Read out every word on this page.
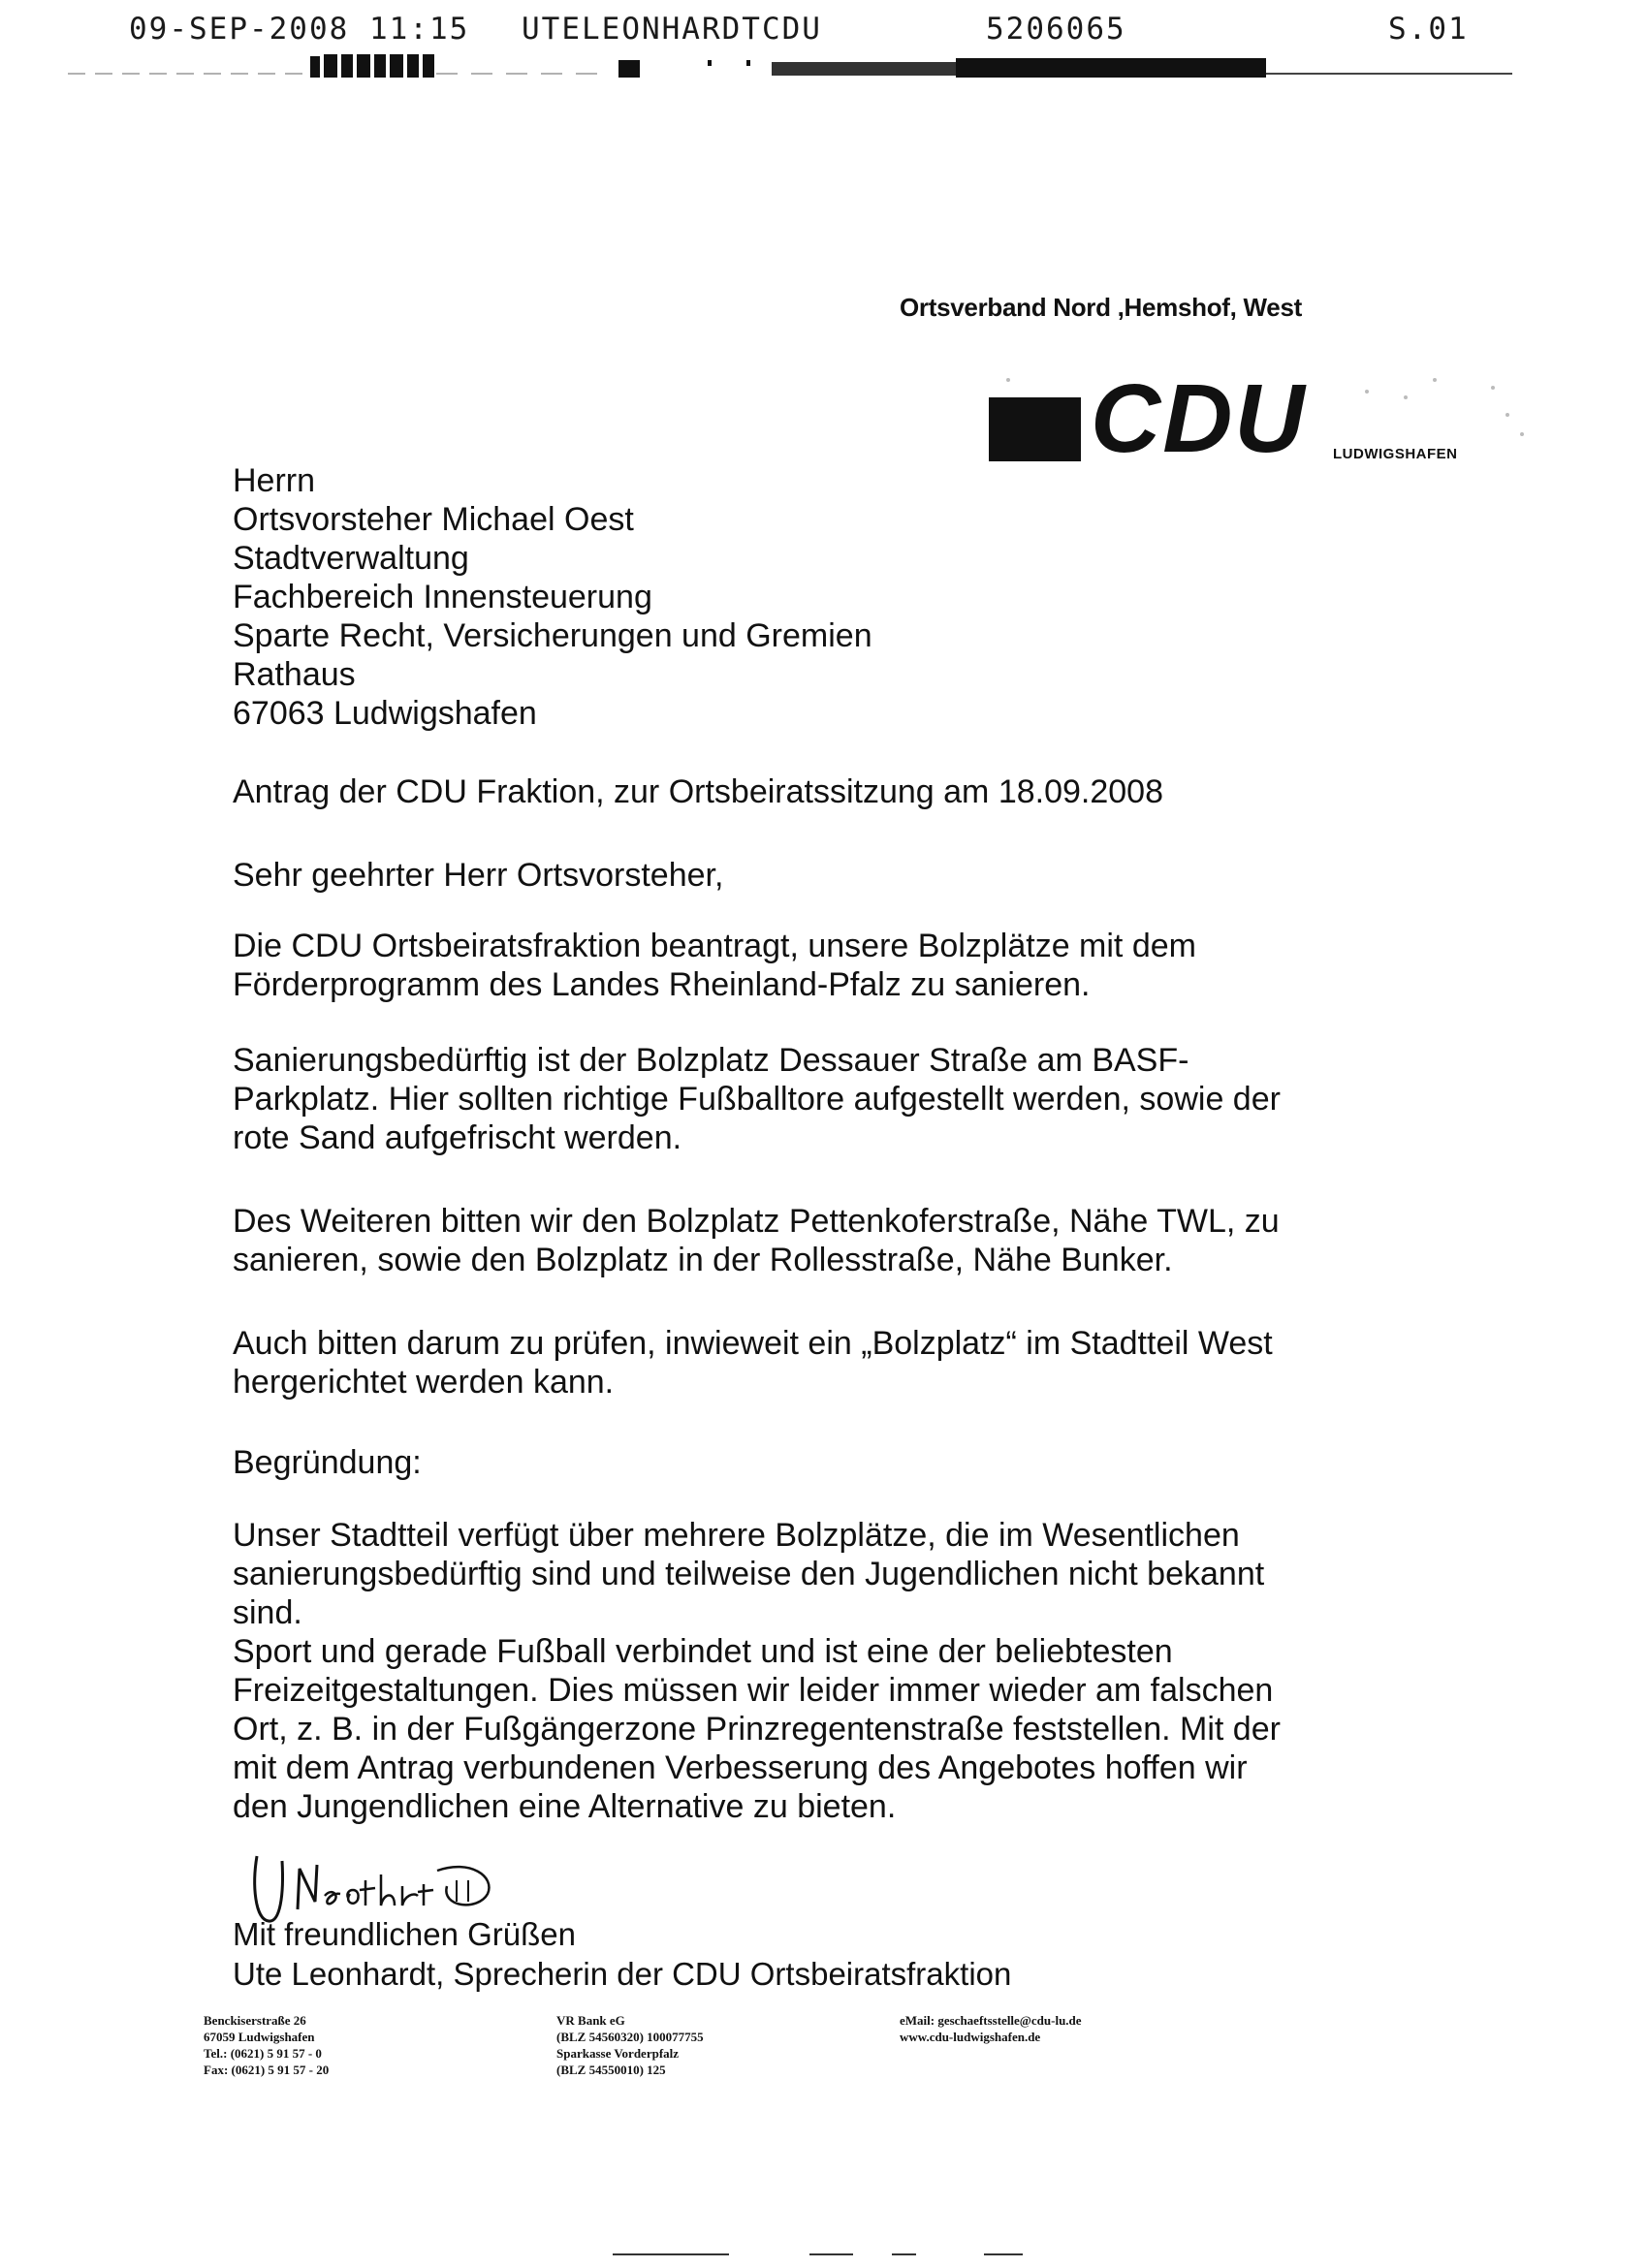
09-SEP-2008 11:15 UTELEONHARDTCDU	5206065	S.01
Ortsverband Nord ,Hemshof, West
CDU LUDWIGSHAFEN
Herrn
Ortsvorsteher Michael Oest
Stadtverwaltung
Fachbereich Innensteuerung
Sparte Recht, Versicherungen und Gremien
Rathaus
67063 Ludwigshafen
Antrag der CDU Fraktion, zur Ortsbeiratssitzung am 18.09.2008
Sehr geehrter Herr Ortsvorsteher,
Die CDU Ortsbeiratsfraktion beantragt, unsere Bolzplätze mit dem
Förderprogramm des Landes Rheinland-Pfalz zu sanieren.
Sanierungsbedürftig ist der Bolzplatz Dessauer Straße am BASF-
Parkplatz. Hier sollten richtige Fußballtore aufgestellt werden, sowie der
rote Sand aufgefrischt werden.
Des Weiteren bitten wir den Bolzplatz Pettenkoferstraße, Nähe TWL, zu
sanieren, sowie den Bolzplatz in der Rollesstraße, Nähe Bunker.
Auch bitten darum zu prüfen, inwieweit ein „Bolzplatz“ im Stadtteil West
hergerichtet werden kann.
Begründung:
Unser Stadtteil verfügt über mehrere Bolzplätze, die im Wesentlichen
sanierungsbedürftig sind und teilweise den Jugendlichen nicht bekannt
sind.
Sport und gerade Fußball verbindet und ist eine der beliebtesten
Freizeitgestaltungen. Dies müssen wir leider immer wieder am falschen
Ort, z. B. in der Fußgängerzone Prinzregentenstraße feststellen. Mit der
mit dem Antrag verbundenen Verbesserung des Angebotes hoffen wir
den Jungendlichen eine Alternative zu bieten.
Mit freundlichen Grüßen
Ute Leonhardt, Sprecherin der CDU Ortsbeiratsfraktion
Benckiserstraße 26
67059 Ludwigshafen
Tel.: (0621) 5 91 57 - 0
Fax: (0621) 5 91 57 - 20
VR Bank eG
(BLZ 54560320) 100077755
Sparkasse Vorderpfalz
(BLZ 54550010) 125
eMail: geschaeftsstelle@cdu-lu.de
www.cdu-ludwigshafen.de
